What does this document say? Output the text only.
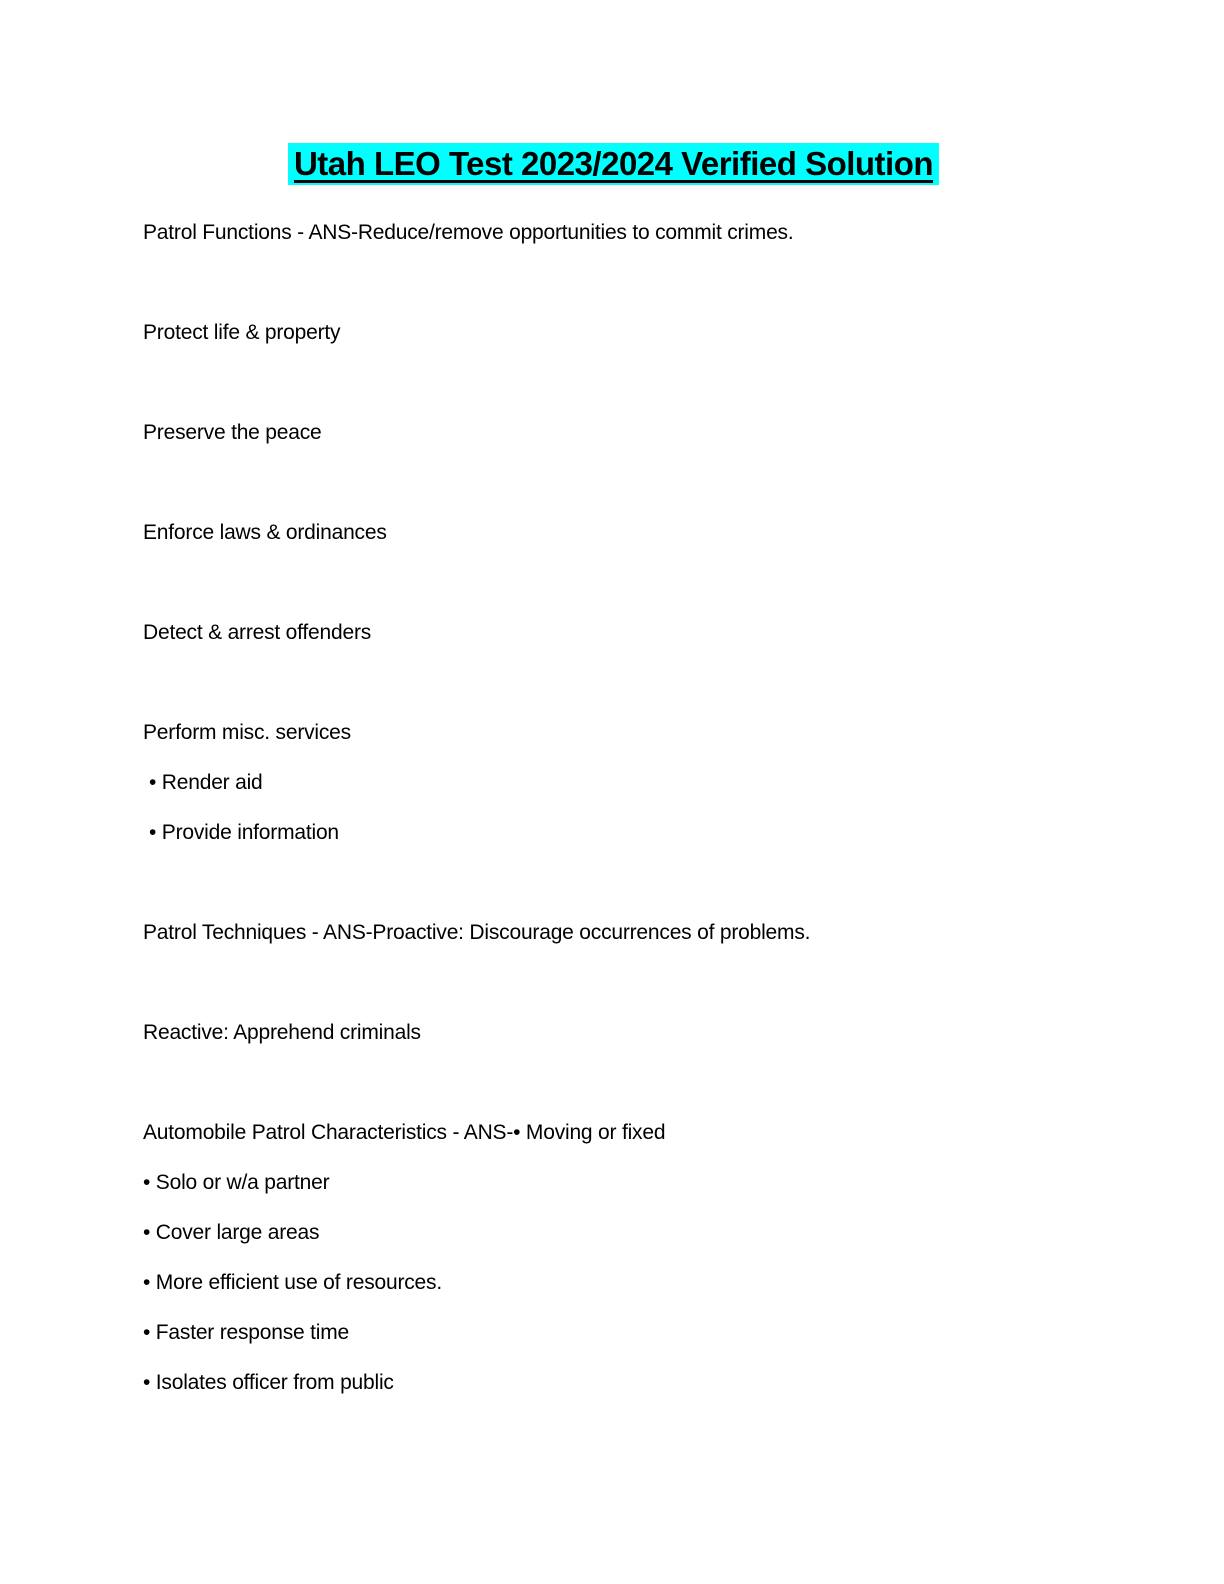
Utah LEO Test 2023/2024 Verified Solution

Patrol Functions - ANS-Reduce/remove opportunities to commit crimes.

Protect life & property

Preserve the peace

Enforce laws & ordinances

Detect & arrest offenders

Perform misc. services

• Render aid

• Provide information

Patrol Techniques - ANS-Proactive: Discourage occurrences of problems.

Reactive: Apprehend criminals

Automobile Patrol Characteristics - ANS-• Moving or fixed

• Solo or w/a partner

• Cover large areas

• More efficient use of resources.

• Faster response time

• Isolates officer from public
